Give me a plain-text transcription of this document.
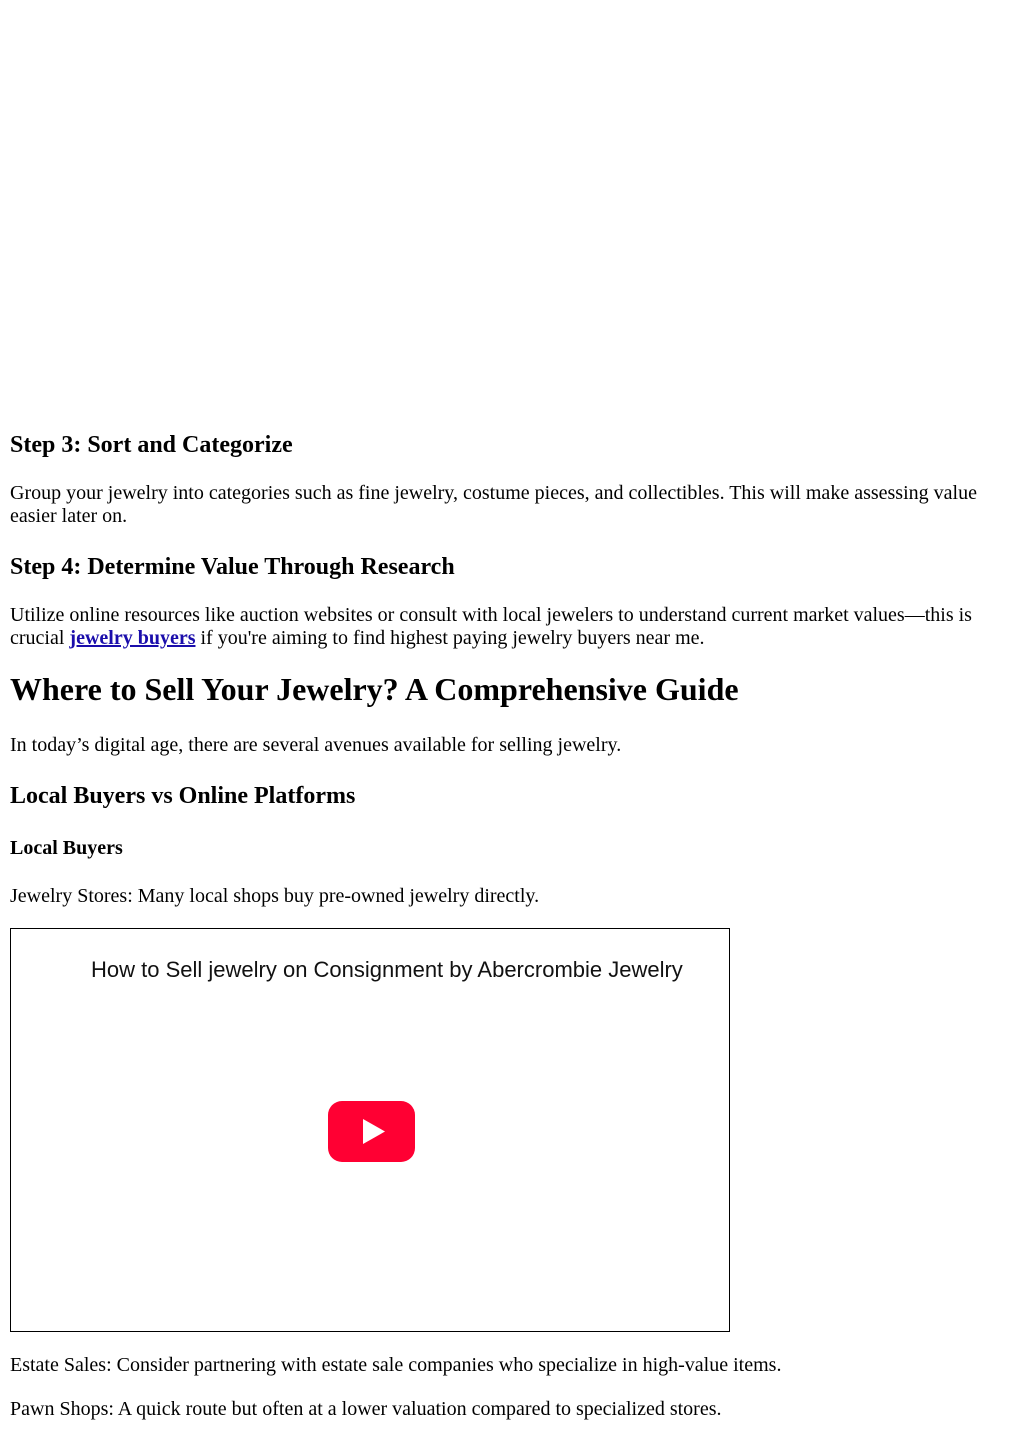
Step 3: Sort and Categorize

Group your jewelry into categories such as fine jewelry, costume pieces, and collectibles. This will make assessing value easier later on.

Step 4: Determine Value Through Research

Utilize online resources like auction websites or consult with local jewelers to understand current market values—this is crucial jewelry buyers if you're aiming to find highest paying jewelry buyers near me.

Where to Sell Your Jewelry? A Comprehensive Guide

In today’s digital age, there are several avenues available for selling jewelry.

Local Buyers vs Online Platforms
Local Buyers

Jewelry Stores: Many local shops buy pre-owned jewelry directly.

How to Sell jewelry on Consignment by Abercrombie Jewelry

Estate Sales: Consider partnering with estate sale companies who specialize in high-value items.

Pawn Shops: A quick route but often at a lower valuation compared to specialized stores.
